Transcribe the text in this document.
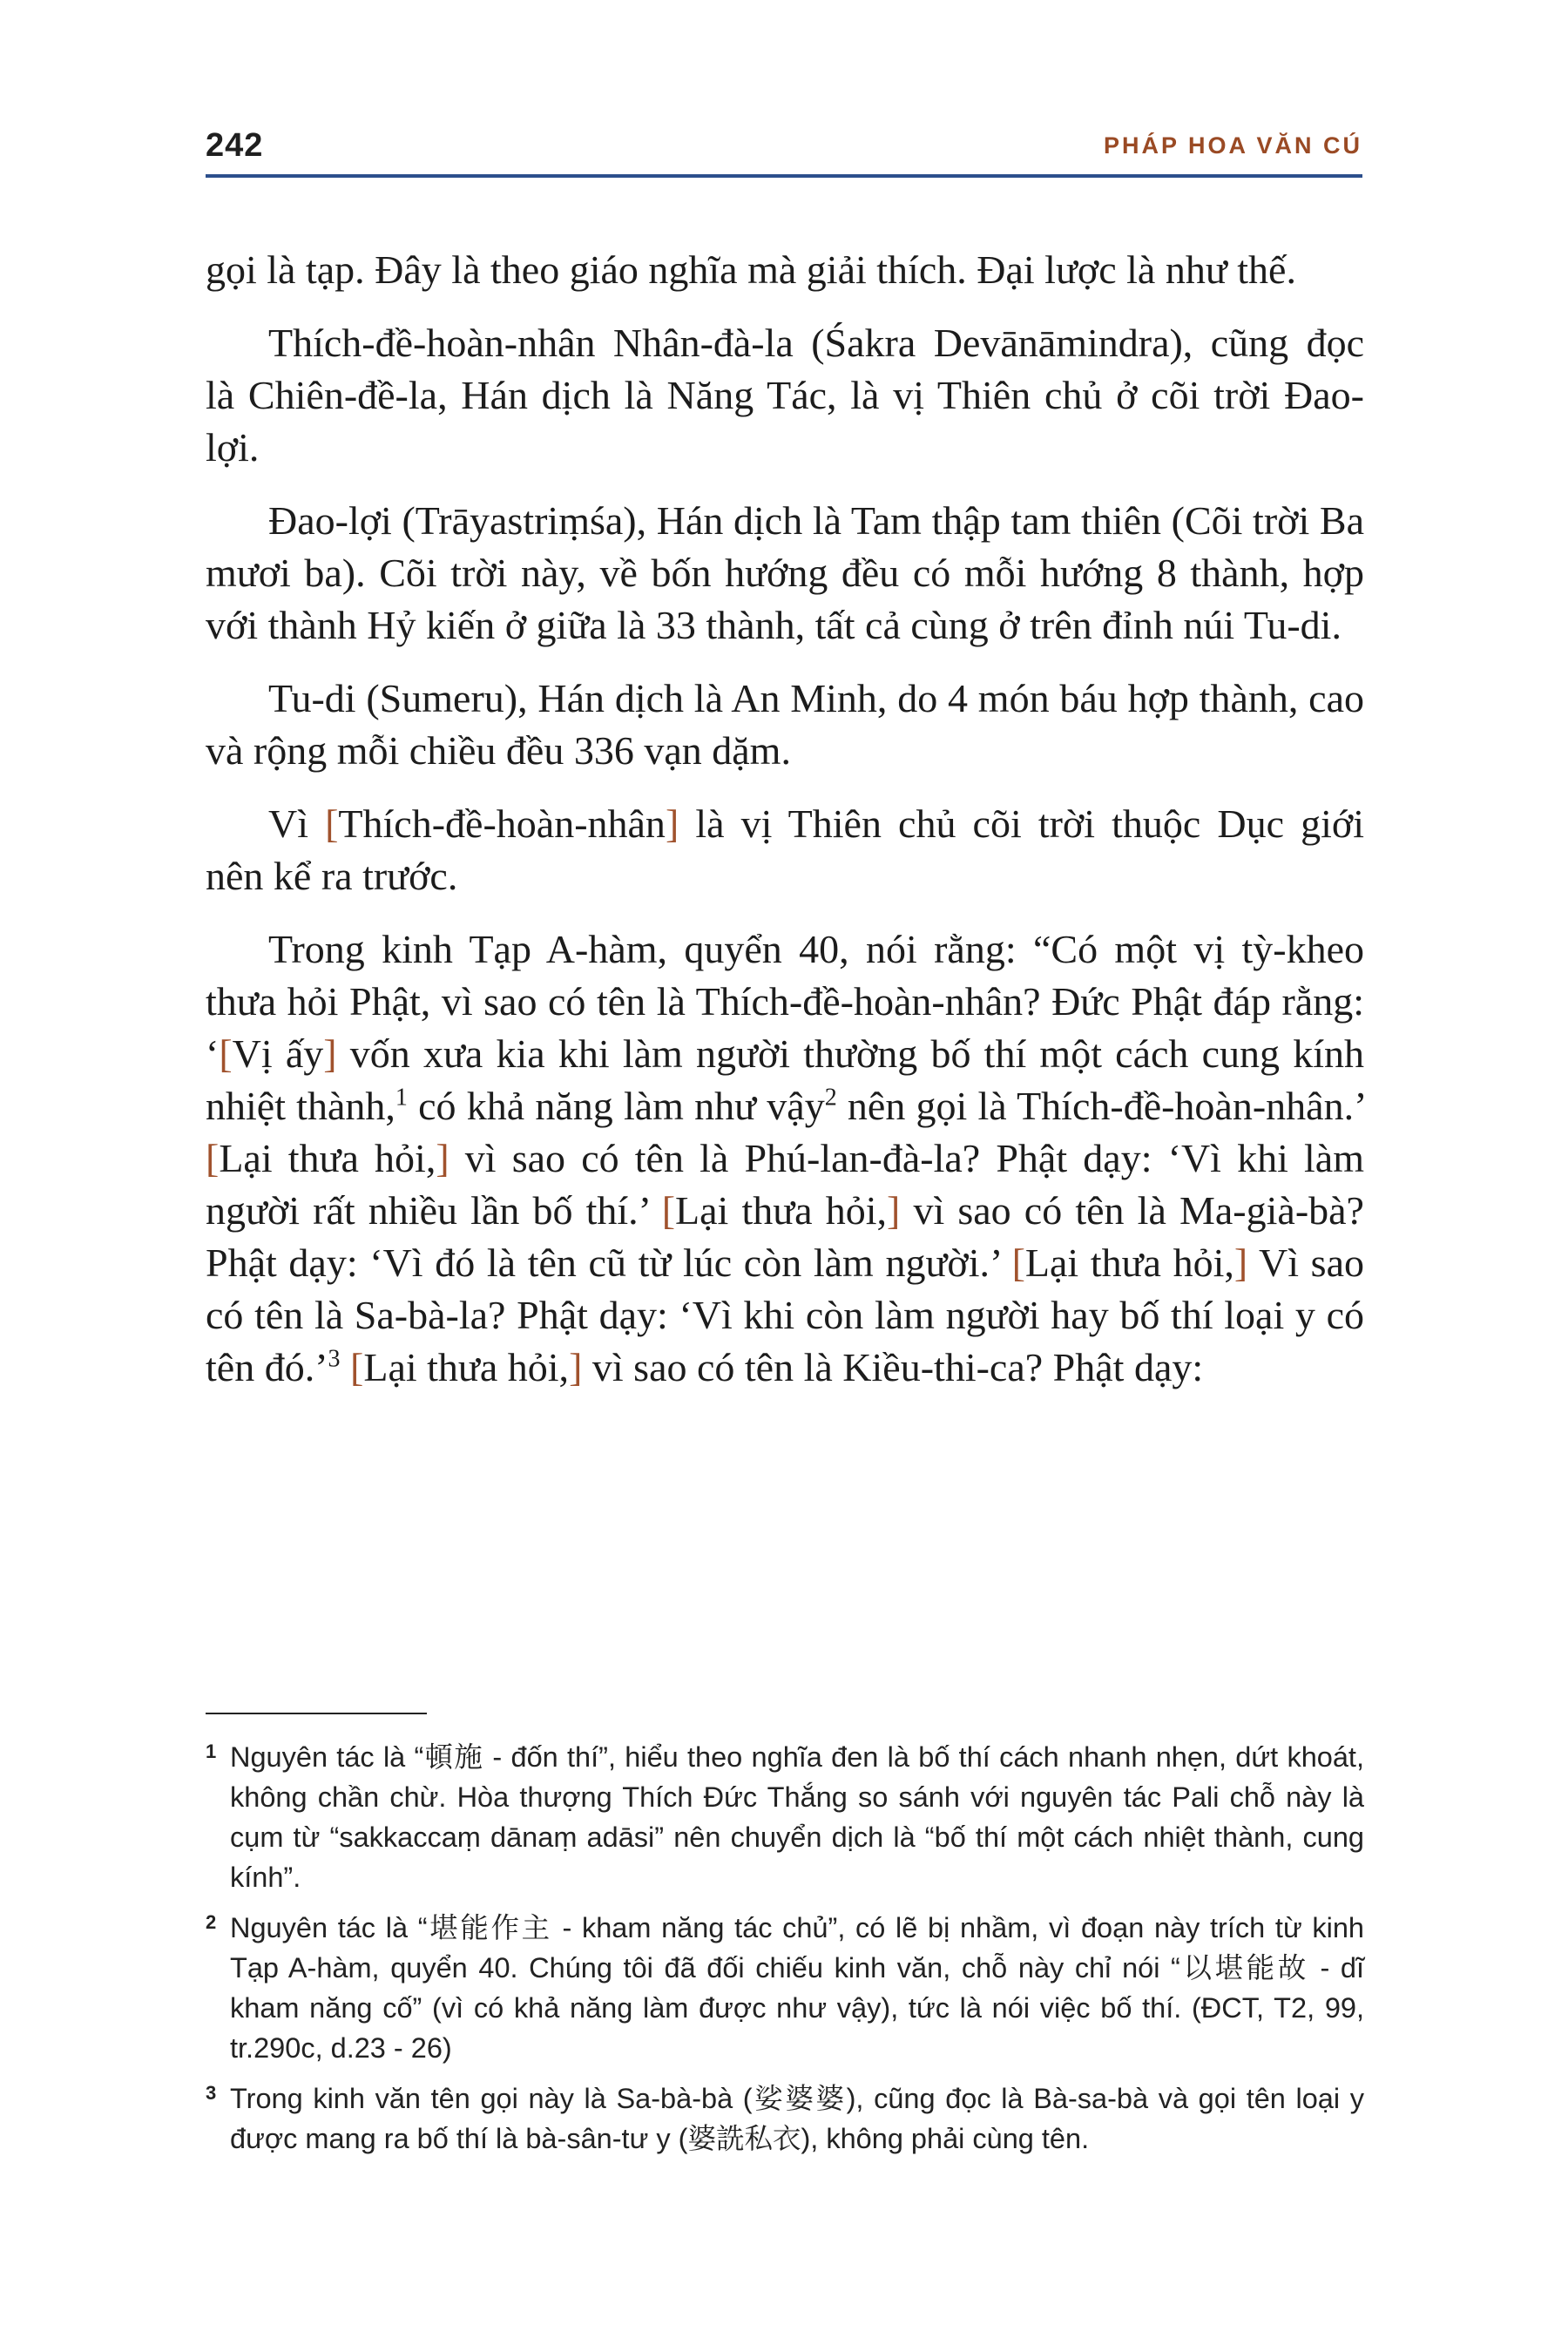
242	PHÁP HOA VĂN CÚ

gọi là tạp. Đây là theo giáo nghĩa mà giải thích. Đại lược là như thế.

Thích-đề-hoàn-nhân Nhân-đà-la (Śakra Devānāmindra), cũng đọc là Chiên-đề-la, Hán dịch là Năng Tác, là vị Thiên chủ ở cõi trời Đao-lợi.

Đao-lợi (Trāyastriṃśa), Hán dịch là Tam thập tam thiên (Cõi trời Ba mươi ba). Cõi trời này, về bốn hướng đều có mỗi hướng 8 thành, hợp với thành Hỷ kiến ở giữa là 33 thành, tất cả cùng ở trên đỉnh núi Tu-di.

Tu-di (Sumeru), Hán dịch là An Minh, do 4 món báu hợp thành, cao và rộng mỗi chiều đều 336 vạn dặm.

Vì [Thích-đề-hoàn-nhân] là vị Thiên chủ cõi trời thuộc Dục giới nên kể ra trước.

Trong kinh Tạp A-hàm, quyển 40, nói rằng: “Có một vị tỳ-kheo thưa hỏi Phật, vì sao có tên là Thích-đề-hoàn-nhân? Đức Phật đáp rằng: ‘[Vị ấy] vốn xưa kia khi làm người thường bố thí một cách cung kính nhiệt thành,$^1$ có khả năng làm như vậy$^2$ nên gọi là Thích-đề-hoàn-nhân.’ [Lại thưa hỏi,] vì sao có tên là Phú-lan-đà-la? Phật dạy: ‘Vì khi làm người rất nhiều lần bố thí.’ [Lại thưa hỏi,] vì sao có tên là Ma-già-bà? Phật dạy: ‘Vì đó là tên cũ từ lúc còn làm người.’ [Lại thưa hỏi,] Vì sao có tên là Sa-bà-la? Phật dạy: ‘Vì khi còn làm người hay bố thí loại y có tên đó.’$^3$ [Lại thưa hỏi,] vì sao có tên là Kiều-thi-ca? Phật dạy:

1 Nguyên tác là “頓施 - đốn thí”, hiểu theo nghĩa đen là bố thí cách nhanh nhẹn, dứt khoát, không chần chừ. Hòa thượng Thích Đức Thắng so sánh với nguyên tác Pali chỗ này là cụm từ “sakkaccaṃ dānaṃ adāsi” nên chuyển dịch là “bố thí một cách nhiệt thành, cung kính”.
2 Nguyên tác là “堪能作主 - kham năng tác chủ”, có lẽ bị nhầm, vì đoạn này trích từ kinh Tạp A-hàm, quyển 40. Chúng tôi đã đối chiếu kinh văn, chỗ này chỉ nói “以堪能故 - dĩ kham năng cố” (vì có khả năng làm được như vậy), tức là nói việc bố thí. (ĐCT, T2, 99, tr.290c, d.23 - 26)
3 Trong kinh văn tên gọi này là Sa-bà-bà (娑婆婆), cũng đọc là Bà-sa-bà và gọi tên loại y được mang ra bố thí là bà-sân-tư y (婆詵私衣), không phải cùng tên.
